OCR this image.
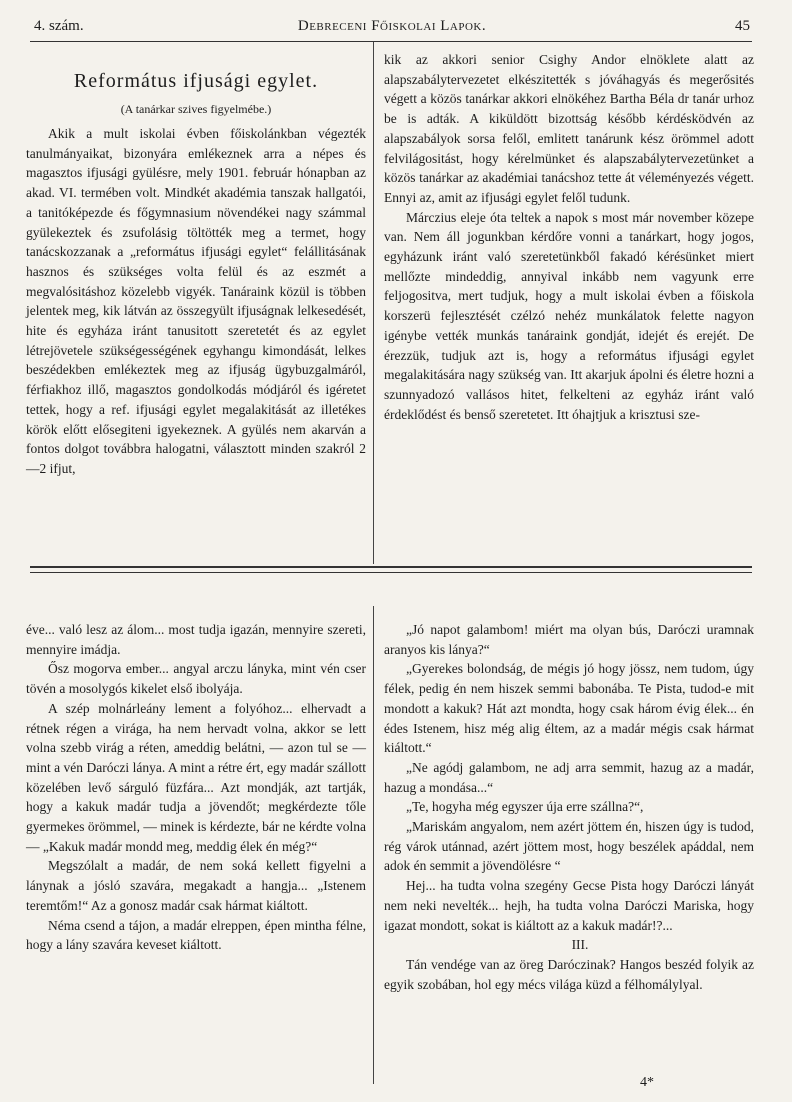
4. szám.	Debreceni Főiskolai Lapok.	45
Református ifjusági egylet.
(A tanárkar szives figyelmébe.)

Akik a mult iskolai évben főiskolánkban végezték tanulmányaikat, bizonyára emlékeznek arra a népes és magasztos ifjusági gyülésre, mely 1901. február hónapban az akad. VI. termében volt. Mindkét akadémia tanszak hallgatói, a tanitóképezde és főgymnasium növendékei nagy számmal gyülekeztek és zsufolásig töltötték meg a termet, hogy tanácskozzanak a „református ifjusági egylet“ felállitásának hasznos és szükséges volta felül és az eszmét a megvalósitáshoz közelebb vigyék. Tanáraink közül is többen jelentek meg, kik látván az összegyült ifjuságnak lelkesedését, hite és egyháza iránt tanusitott szeretetét és az egylet létrejövetele szükségességének egyhangu kimondását, lelkes beszédekben emlékeztek meg az ifjuság ügybuzgalmáról, férfiakhoz illő, magasztos gondolkodás módjáról és igéretet tettek, hogy a ref. ifjusági egylet megalakitását az illetékes körök előtt elősegiteni igyekeznek. A gyülés nem akarván a fontos dolgot továbbra halogatni, választott minden szakról 2—2 ifjut,

kik az akkori senior Csighy Andor elnöklete alatt az alapszabálytervezetet elkészitették s jóváhagyás és megerősités végett a közös tanárkar akkori elnökéhez Bartha Béla dr tanár urhoz be is adták. A kiküldött bizottság később kérdésködvén az alapszabályok sorsa felől, emlitett tanárunk kész örömmel adott felvilágositást, hogy kérelmünket és alapszabálytervezetünket a közös tanárkar az akadémiai tanácshoz tette át véleményezés végett. Ennyi az, amit az ifjusági egylet felől tudunk.

Márczius eleje óta teltek a napok s most már november közepe van. Nem áll jogunkban kérdőre vonni a tanárkart, hogy jogos, egyházunk iránt való szeretetünkből fakadó kérésünket miert mellőzte mindeddig, annyival inkább nem vagyunk erre feljogositva, mert tudjuk, hogy a mult iskolai évben a főiskola korszerü fejlesztését czélzó nehéz munkálatok felette nagyon igénybe vették munkás tanáraink gondját, idejét és erejét. De érezzük, tudjuk azt is, hogy a református ifjusági egylet megalakitására nagy szükség van. Itt akarjuk ápolni és életre hozni a szunnyadozó vallásos hitet, felkelteni az egyház iránt való érdeklődést és benső szeretetet. Itt óhajtjuk a krisztusi sze-

éve... való lesz az álom... most tudja igazán, mennyire szereti, mennyire imádja.

Ősz mogorva ember... angyal arczu lányka, mint vén cser tövén a mosolygós kikelet első ibolyája.

A szép molnárleány lement a folyóhoz... elhervadt a rétnek régen a virága, ha nem hervadt volna, akkor se lett volna szebb virág a réten, ameddig belátni, — azon tul se — mint a vén Daróczi lánya. A mint a rétre ért, egy madár szállott közelében levő sárguló füzfára... Azt mondják, azt tartják, hogy a kakuk madár tudja a jövendőt; megkérdezte tőle gyermekes örömmel, — minek is kérdezte, bár ne kérdte volna — „Kakuk madár mondd meg, meddig élek én még?“

Megszólalt a madár, de nem soká kellett figyelni a lánynak a jósló szavára, megakadt a hangja... „Istenem teremtőm!“ Az a gonosz madár csak hármat kiáltott.

Néma csend a tájon, a madár elreppen, épen mintha félne, hogy a lány szavára keveset kiáltott.

„Jó napot galambom! miért ma olyan bús, Daróczi uramnak aranyos kis lánya?“

„Gyerekes bolondság, de mégis jó hogy jössz, nem tudom, úgy félek, pedig én nem hiszek semmi babonába. Te Pista, tudod-e mit mondott a kakuk? Hát azt mondta, hogy csak három évig élek... én édes Istenem, hisz még alig éltem, az a madár mégis csak hármat kiáltott.“

„Ne agódj galambom, ne adj arra semmit, hazug az a madár, hazug a mondása...“

„Te, hogyha még egyszer úja erre szállna?“,

„Mariskám angyalom, nem azért jöttem én, hiszen úgy is tudod, rég várok utánnad, azért jöttem most, hogy beszélek apáddal, nem adok én semmit a jövendölésre “

Hej... ha tudta volna szegény Gecse Pista hogy Daróczi lányát nem neki nevelték... hejh, ha tudta volna Daróczi Mariska, hogy igazat mondott, sokat is kiáltott az a kakuk madár!?...

III.

Tán vendége van az öreg Daróczinak? Hangos beszéd folyik az egyik szobában, hol egy mécs világa küzd a félhomálylyal.

4*
